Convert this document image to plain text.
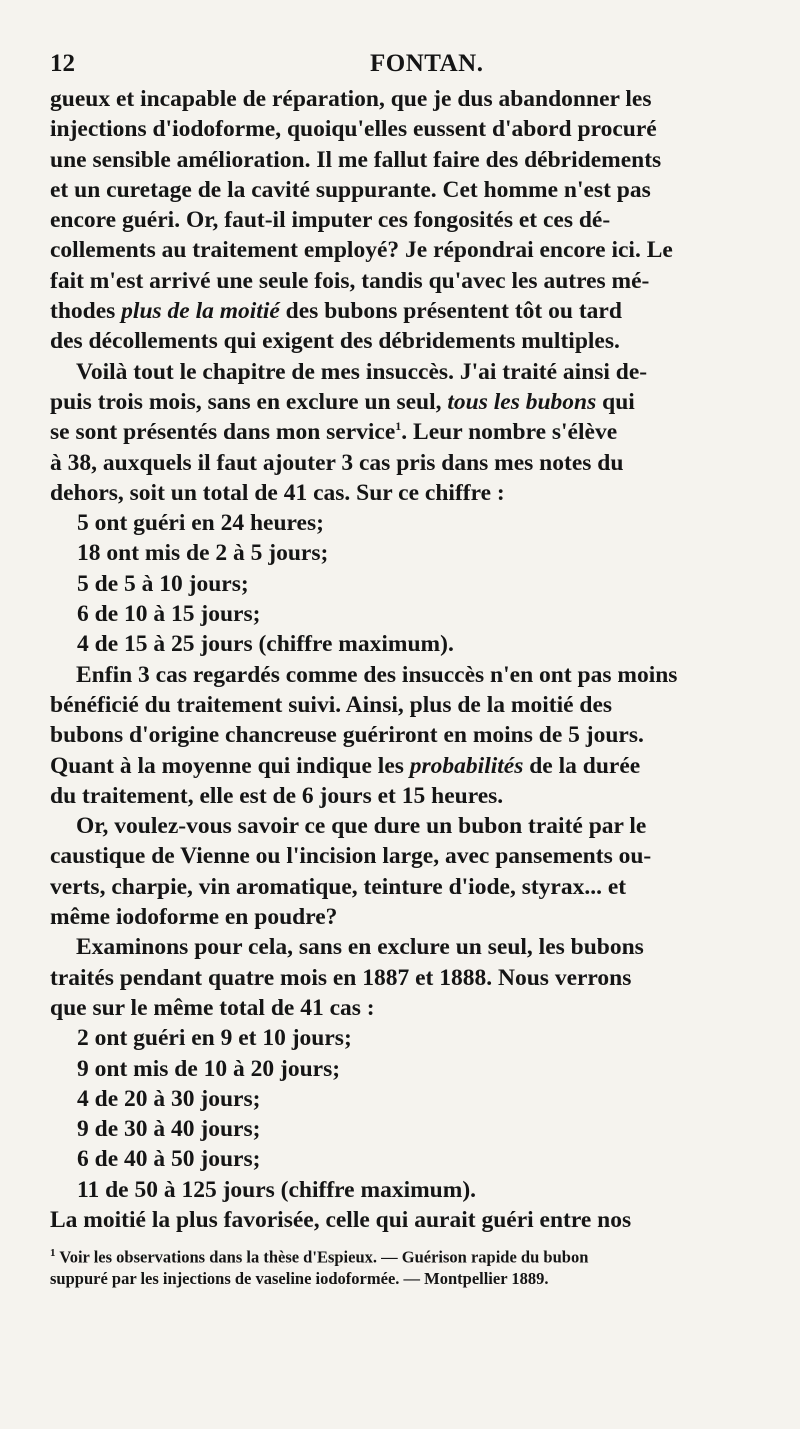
12	FONTAN.

gueux et incapable de réparation, que je dus abandonner les
injections d'iodoforme, quoiqu'elles eussent d'abord procuré
une sensible amélioration. Il me fallut faire des débridements
et un curetage de la cavité suppurante. Cet homme n'est pas
encore guéri. Or, faut-il imputer ces fongosités et ces dé-
collements au traitement employé? Je répondrai encore ici. Le
fait m'est arrivé une seule fois, tandis qu'avec les autres mé-
thodes plus de la moitié des bubons présentent tôt ou tard
des décollements qui exigent des débridements multiples.

Voilà tout le chapitre de mes insuccès. J'ai traité ainsi de-
puis trois mois, sans en exclure un seul, tous les bubons qui
se sont présentés dans mon service$^1$. Leur nombre s'élève
à 38, auxquels il faut ajouter 3 cas pris dans mes notes du
dehors, soit un total de 41 cas. Sur ce chiffre :

5 ont guéri en 24 heures;
18 ont mis de 2 à 5 jours;
5 de 5 à 10 jours;
6 de 10 à 15 jours;
4 de 15 à 25 jours (chiffre maximum).

Enfin 3 cas regardés comme des insuccès n'en ont pas moins
bénéficié du traitement suivi. Ainsi, plus de la moitié des
bubons d'origine chancreuse guériront en moins de 5 jours.
Quant à la moyenne qui indique les probabilités de la durée
du traitement, elle est de 6 jours et 15 heures.

Or, voulez-vous savoir ce que dure un bubon traité par le
caustique de Vienne ou l'incision large, avec pansements ou-
verts, charpie, vin aromatique, teinture d'iode, styrax... et
même iodoforme en poudre?

Examinons pour cela, sans en exclure un seul, les bubons
traités pendant quatre mois en 1887 et 1888. Nous verrons
que sur le même total de 41 cas :

2 ont guéri en 9 et 10 jours;
9 ont mis de 10 à 20 jours;
4 de 20 à 30 jours;
9 de 30 à 40 jours;
6 de 40 à 50 jours;
11 de 50 à 125 jours (chiffre maximum).

La moitié la plus favorisée, celle qui aurait guéri entre nos

$^1$ Voir les observations dans la thèse d'Espieux. — Guérison rapide du bubon
suppuré par les injections de vaseline iodoformée. — Montpellier 1889.
